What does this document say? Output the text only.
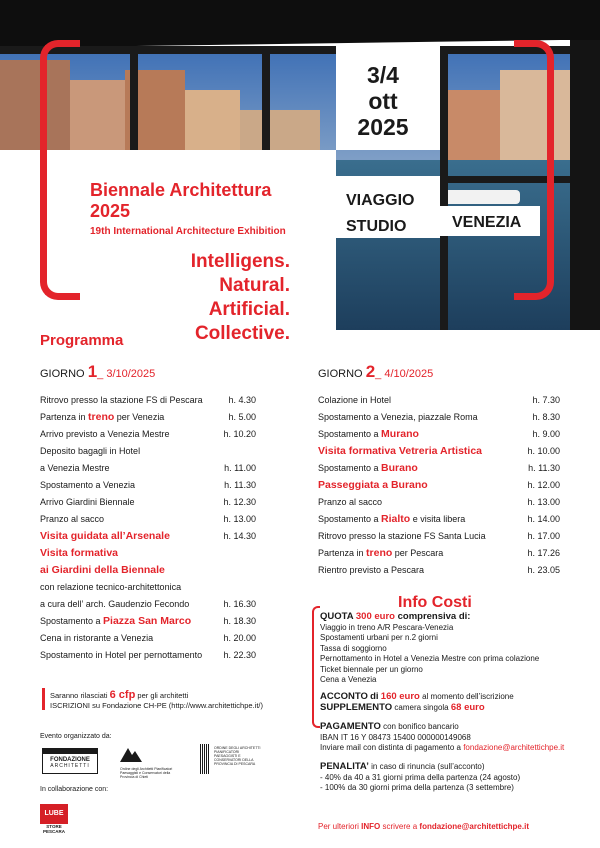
3/4
ott
2025
VIAGGIO
STUDIO	VENEZIA
Biennale Architettura
2025
19th International Architecture Exhibition
Intelligens.
Natural.
Artificial.
Collective.
Programma
GIORNO 1_ 3/10/2025
Ritrovo presso la stazione FS di Pescara	h. 4.30
Partenza in treno per Venezia	h. 5.00
Arrivo previsto a Venezia Mestre	h. 10.20
Deposito bagagli in Hotel
a Venezia Mestre	h. 11.00
Spostamento a Venezia	h. 11.30
Arrivo Giardini Biennale	h. 12.30
Pranzo al sacco	h. 13.00
Visita guidata all’Arsenale	h. 14.30
Visita formativa
ai Giardini della Biennale
con relazione tecnico-architettonica
a cura dell’ arch. Gaudenzio Fecondo	h. 16.30
Spostamento a Piazza San Marco	h. 18.30
Cena in ristorante a Venezia	h. 20.00
Spostamento in Hotel per pernottamento h. 22.30
GIORNO 2_ 4/10/2025
Colazione in Hotel	h. 7.30
Spostamento a Venezia, piazzale Roma	h. 8.30
Spostamento a Murano	h. 9.00
Visita formativa Vetreria Artistica	h. 10.00
Spostamento a Burano	h. 11.30
Passeggiata a Burano	h. 12.00
Pranzo al sacco	h. 13.00
Spostamento a Rialto e visita libera	h. 14.00
Ritrovo presso la stazione FS Santa Lucia	h. 17.00
Partenza in treno per Pescara	h. 17.26
Rientro previsto a Pescara	h. 23.05
Info Costi
QUOTA 300 euro comprensiva di:
Viaggio in treno A/R Pescara-Venezia
Spostamenti urbani per n.2 giorni
Tassa di soggiorno
Pernottamento in Hotel a Venezia Mestre con prima colazione
Ticket biennale per un giorno
Cena a Venezia
ACCONTO di 160 euro al momento dell’iscrizione
SUPPLEMENTO camera singola 68 euro
PAGAMENTO con bonifico bancario
IBAN IT 16 Y 08473 15400 000000149068
Inviare mail con distinta di pagamento a fondazione@architettichpe.it
PENALITA’ in caso di rinuncia (sull’acconto)
- 40% da 40 a 31 giorni prima della partenza (24 agosto)
- 100% da 30 giorni prima della partenza (3 settembre)
Saranno rilasciati 6 cfp per gli architetti
ISCRIZIONI su Fondazione CH-PE (http://www.architettichpe.it/)
Evento organizzato da:
FONDAZIONE
ARCHITETTI	Ordine degli Architetti Pianificatori Paesaggisti e Conservatori della Provincia di Chieti
ORDINE DEGLI ARCHITETTI PIANIFICATORI PAESAGGISTI E CONSERVATORI DELLA PROVINCIA DI PESCARA
In collaborazione con:
LUBE
STORE PESCARA
Per ulteriori INFO scrivere a fondazione@architettichpe.it
